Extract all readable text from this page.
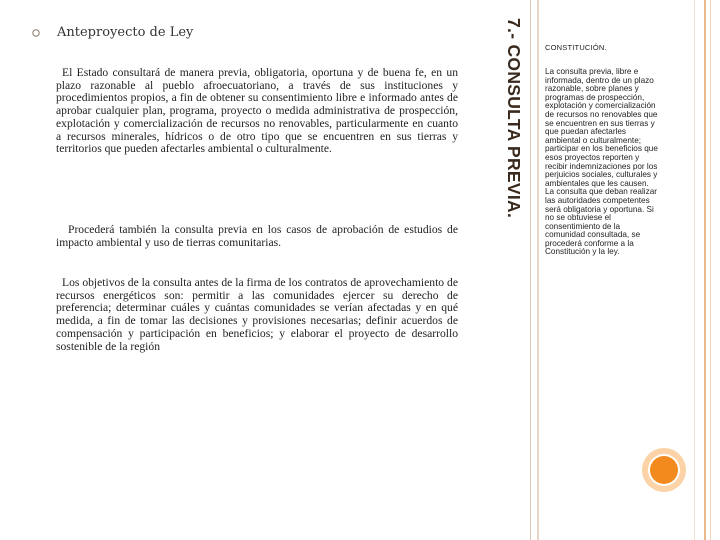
Anteproyecto de Ley
El Estado consultará de manera previa, obligatoria, oportuna y de buena fe, en un plazo razonable al pueblo afroecuatoriano, a través de sus instituciones y procedimientos propios, a fin de obtener su consentimiento libre e informado antes de aprobar cualquier plan, programa, proyecto o medida administrativa de prospección, explotación y comercialización de recursos no renovables, particularmente en cuanto a recursos minerales, hídricos o de otro tipo que se encuentren en sus tierras y territorios que pueden afectarles ambiental o culturalmente.
Procederá también la consulta previa en los casos de aprobación de estudios de impacto ambiental y uso de tierras comunitarias.
Los objetivos de la consulta antes de la firma de los contratos de aprovechamiento de recursos energéticos son: permitir a las comunidades ejercer su derecho de preferencia; determinar cuáles y cuántas comunidades se verían afectadas y en qué medida, a fin de tomar las decisiones y provisiones necesarias; definir acuerdos de compensación y participación en beneficios; y elaborar el proyecto de desarrollo sostenible de la región
7.- CONSULTA PREVIA.	CONSTITUCIÓN.
La consulta previa, libre e informada, dentro de un plazo razonable, sobre planes y programas de prospección, explotación y comercialización de recursos no renovables que se encuentren en sus tierras y que puedan afectarles ambiental o culturalmente; participar en los beneficios que esos proyectos reporten y recibir indemnizaciones por los perjuicios sociales, culturales y ambientales que les causen. La consulta que deban realizar las autoridades competentes será obligatoria y oportuna. Si no se obtuviese el consentimiento de la comunidad consultada, se procederá conforme a la Constitución y la ley.
